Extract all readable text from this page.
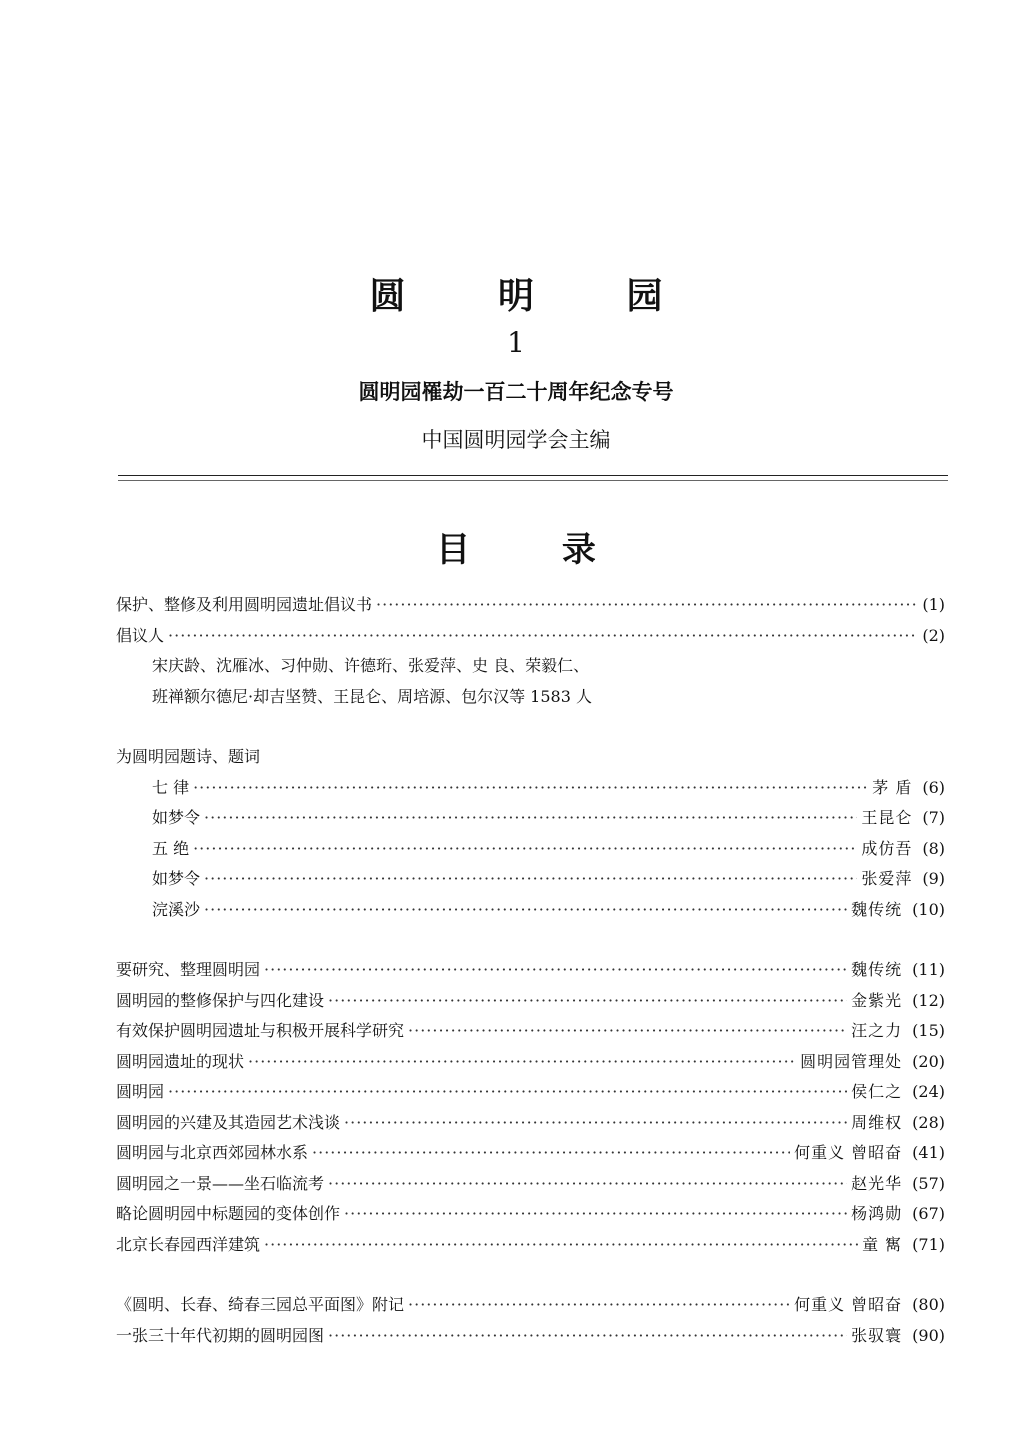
圆 明 园
1
圆明园罹劫一百二十周年纪念专号
中国圆明园学会主编
目 录
保护、整修及利用圆明园遗址倡议书 ·····	(1)
倡议人 ·····	(2)
宋庆龄、沈雁冰、习仲勋、许德珩、张爱萍、史 良、荣毅仁、
班禅额尔德尼·却吉坚赞、王昆仑、周培源、包尔汉等 1583 人
为圆明园题诗、题词
七 律 ·····	茅 盾 (6)
如梦令 ·····	王昆仑 (7)
五 绝 ·····	成仿吾 (8)
如梦令 ·····	张爱萍 (9)
浣溪沙 ·····	魏传统 (10)
要研究、整理圆明园 ·····	魏传统 (11)
圆明园的整修保护与四化建设 ·····	金紫光 (12)
有效保护圆明园遗址与积极开展科学研究 ·····	汪之力 (15)
圆明园遗址的现状 ·····	圆明园管理处 (20)
圆明园 ·····	侯仁之 (24)
圆明园的兴建及其造园艺术浅谈 ·····	周维权 (28)
圆明园与北京西郊园林水系 ·····	何重义 曾昭奋 (41)
圆明园之一景——坐石临流考 ·····	赵光华 (57)
略论圆明园中标题园的变体创作 ·····	杨鸿勋 (67)
北京长春园西洋建筑 ·····	童 寯 (71)
《圆明、长春、绮春三园总平面图》附记 ·····	何重义 曾昭奋 (80)
一张三十年代初期的圆明园图 ·····	张驭寰 (90)
